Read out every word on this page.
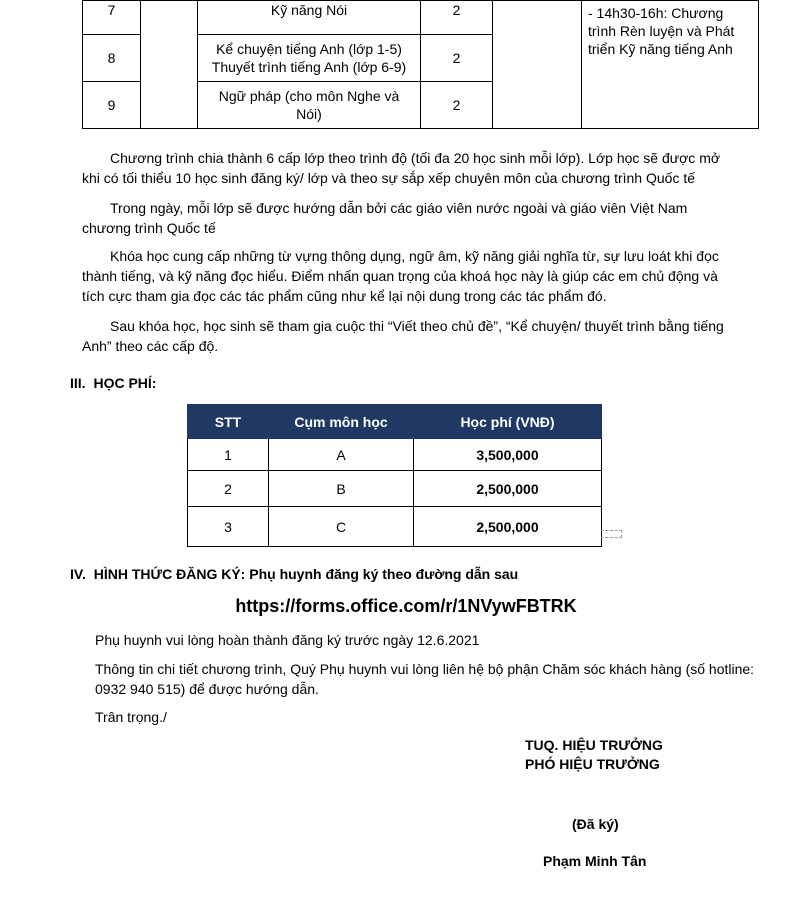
7		Kỹ năng Nói	2		- 14h30-16h: Chương
trình Rèn luyện và Phát
triển Kỹ năng tiếng Anh

8		Kể chuyện tiếng Anh (lớp 1-5)
Thuyết trình tiếng Anh (lớp 6-9)	2		
9		Ngữ pháp (cho môn Nghe và
Nói)	2		

Chương trình chia thành 6 cấp lớp theo trình độ (tối đa 20 học sinh mỗi lớp). Lớp học sẽ được mở khi có tối thiểu 10 học sinh đăng ký/ lớp và theo sự sắp xếp chuyên môn của chương trình Quốc tế

Trong ngày, mỗi lớp sẽ được hướng dẫn bởi các giáo viên nước ngoài và giáo viên Việt Nam chương trình Quốc tế

Khóa học cung cấp những từ vựng thông dụng, ngữ âm, kỹ năng giải nghĩa từ, sự lưu loát khi đọc thành tiếng, và kỹ năng đọc hiểu. Điểm nhấn quan trọng của khoá học này là giúp các em chủ động và tích cực tham gia đọc các tác phẩm cũng như kể lại nội dung trong các tác phẩm đó.

Sau khóa học, học sinh sẽ tham gia cuộc thi “Viết theo chủ đề”, “Kể chuyện/ thuyết trình bằng tiếng Anh” theo các cấp độ.

III. HỌC PHÍ:
STT	Cụm môn học	Học phí (VNĐ)
1	A	3,500,000
2	B	2,500,000
3	C	2,500,000
IV. HÌNH THỨC ĐĂNG KÝ: Phụ huynh đăng ký theo đường dẫn sau
https://forms.office.com/r/1NVywFBTRK

Phụ huynh vui lòng hoàn thành đăng ký trước ngày 12.6.2021

Thông tin chi tiết chương trình, Quý Phụ huynh vui lòng liên hệ bộ phận Chăm sóc khách hàng (số hotline: 0932 940 515) để được hướng dẫn.

Trân trọng./

TUQ. HIỆU TRƯỞNG
PHÓ HIỆU TRƯỞNG
(Đã ký)
Phạm Minh Tân
